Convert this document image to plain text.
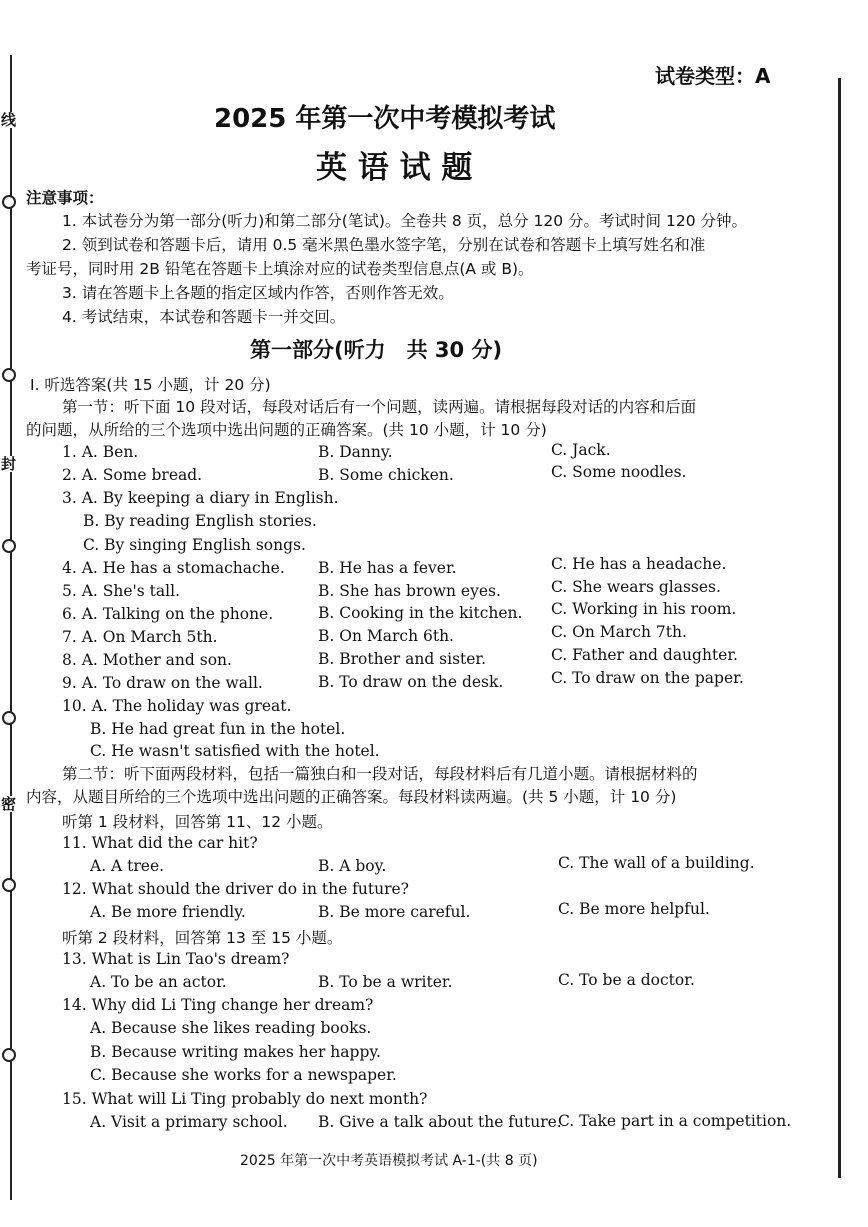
线
封
密
试卷类型：A
2025 年第一次中考模拟考试
英 语 试 题
注意事项：
1. 本试卷分为第一部分(听力)和第二部分(笔试)。全卷共 8 页，总分 120 分。考试时间 120 分钟。
2. 领到试卷和答题卡后，请用 0.5 毫米黑色墨水签字笔，分别在试卷和答题卡上填写姓名和准
考证号，同时用 2B 铅笔在答题卡上填涂对应的试卷类型信息点(A 或 B)。
3. 请在答题卡上各题的指定区域内作答，否则作答无效。
4. 考试结束，本试卷和答题卡一并交回。
第一部分(听力　共 30 分)
Ⅰ. 听选答案(共 15 小题，计 20 分)
第一节：听下面 10 段对话，每段对话后有一个问题，读两遍。请根据每段对话的内容和后面
的问题，从所给的三个选项中选出问题的正确答案。(共 10 小题，计 10 分)
1. A. Ben.	B. Danny.	C. Jack.
2. A. Some bread.	B. Some chicken.	C. Some noodles.
3. A. By keeping a diary in English.
B. By reading English stories.
C. By singing English songs.
4. A. He has a stomachache. B. He has a fever.	C. He has a headache.
5. A. She's tall.	B. She has brown eyes.	C. She wears glasses.
6. A. Talking on the phone.	B. Cooking in the kitchen. C. Working in his room.
7. A. On March 5th.	B. On March 6th.	C. On March 7th.
8. A. Mother and son.	B. Brother and sister.	C. Father and daughter.
9. A. To draw on the wall.	B. To draw on the desk.	C. To draw on the paper.
10. A. The holiday was great.
B. He had great fun in the hotel.
C. He wasn't satisfied with the hotel.
第二节：听下面两段材料，包括一篇独白和一段对话，每段材料后有几道小题。请根据材料的
内容，从题目所给的三个选项中选出问题的正确答案。每段材料读两遍。(共 5 小题，计 10 分)
听第 1 段材料，回答第 11、12 小题。
11. What did the car hit?
A. A tree.	B. A boy.	C. The wall of a building.
12. What should the driver do in the future?
A. Be more friendly.	B. Be more careful.	C. Be more helpful.
听第 2 段材料，回答第 13 至 15 小题。
13. What is Lin Tao's dream?
A. To be an actor.	B. To be a writer.	C. To be a doctor.
14. Why did Li Ting change her dream?
A. Because she likes reading books.
B. Because writing makes her happy.
C. Because she works for a newspaper.
15. What will Li Ting probably do next month?
A. Visit a primary school. B. Give a talk about the future.
C. Take part in a competition.
2025 年第一次中考英语模拟考试 A-1-(共 8 页)
